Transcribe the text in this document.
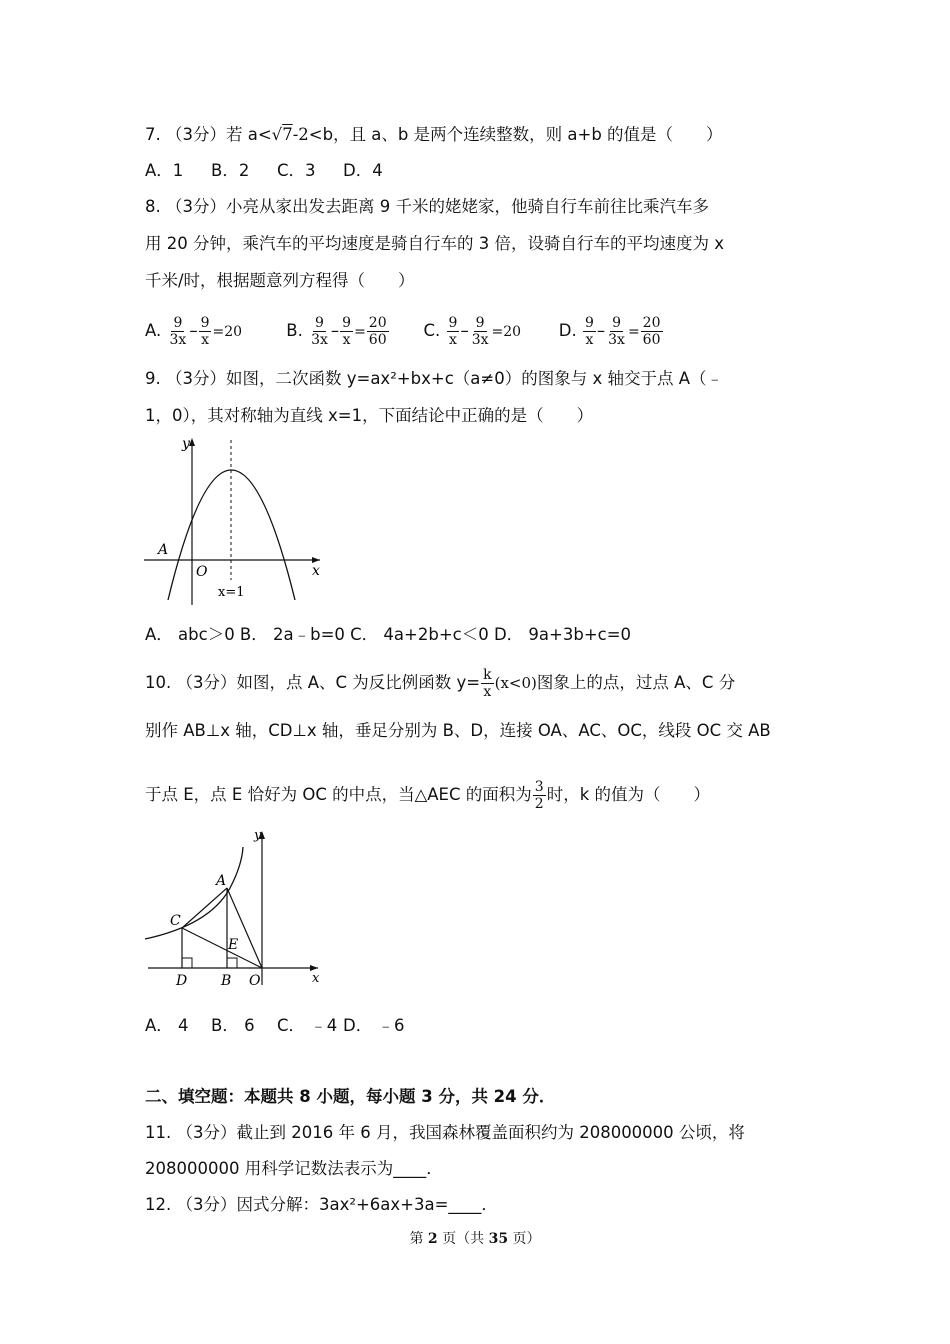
7. （3分）若 a<√7-2<b，且 a、b 是两个连续整数，则 a+b 的值是（　　）
A．1 B．2 C．3 D．4
8. （3分）小亮从家出发去距离 9 千米的姥姥家，他骑自行车前往比乘汽车多
用 20 分钟，乘汽车的平均速度是骑自行车的 3 倍，设骑自行车的平均速度为 x
千米/时，根据题意列方程得（　　）
A. $\frac{9}{3x} - \frac{9}{x} =20$	B. $\frac{9}{3x} - \frac{9}{x} = \frac{20}{60} C$. $\frac{9}{x} - \frac{9}{3x} =20$ D. $\frac{9}{x} - \frac{9}{3x} = \frac{20}{60}$
9. （3分）如图，二次函数 y=ax²+bx+c（a≠0）的图象与 x 轴交于点 A（﹣
1，0），其对称轴为直线 x=1，下面结论中正确的是（　　）
y
x
O
A
x=1
A． abc＞0 B． 2a﹣b=0 C． 4a+2b+c＜0 D． 9a+3b+c=0
10. （3分）如图，点 A、C 为反比例函数 $y= \frac{k}{x} (x<0)$图象上的点，过点 A、C 分
别作 AB⊥x 轴，CD⊥x 轴，垂足分别为 B、D，连接 OA、AC、OC，线段 OC 交 AB
于点 E，点 E 恰好为 OC 的中点，当△AEC 的面积为 $\frac{3}{2}$ 时，k 的值为（　　）
y
x
A
C
E
D B O
A． 4 B． 6 C． ﹣4 D． ﹣6
二、填空题：本题共 8 小题，每小题 3 分，共 24 分．
11. （3分）截止到 2016 年 6 月，我国森林覆盖面积约为 208000000 公顷，将
208000000 用科学记数法表示为____．
12. （3分）因式分解：3ax²+6ax+3a=____．
第 2 页（共 35 页）
